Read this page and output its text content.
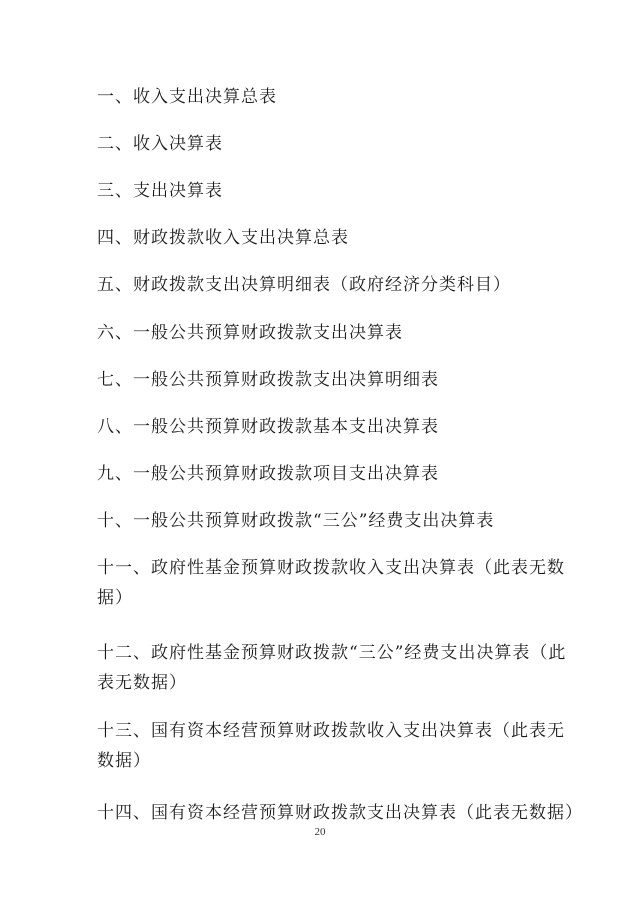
一、收入支出决算总表
二、收入决算表
三、支出决算表
四、财政拨款收入支出决算总表
五、财政拨款支出决算明细表（政府经济分类科目）
六、一般公共预算财政拨款支出决算表
七、一般公共预算财政拨款支出决算明细表
八、一般公共预算财政拨款基本支出决算表
九、一般公共预算财政拨款项目支出决算表
十、一般公共预算财政拨款“三公”经费支出决算表
十一、政府性基金预算财政拨款收入支出决算表（此表无数
据）
十二、政府性基金预算财政拨款“三公”经费支出决算表（此
表无数据）
十三、国有资本经营预算财政拨款收入支出决算表（此表无
数据）
十四、国有资本经营预算财政拨款支出决算表（此表无数据）
20
